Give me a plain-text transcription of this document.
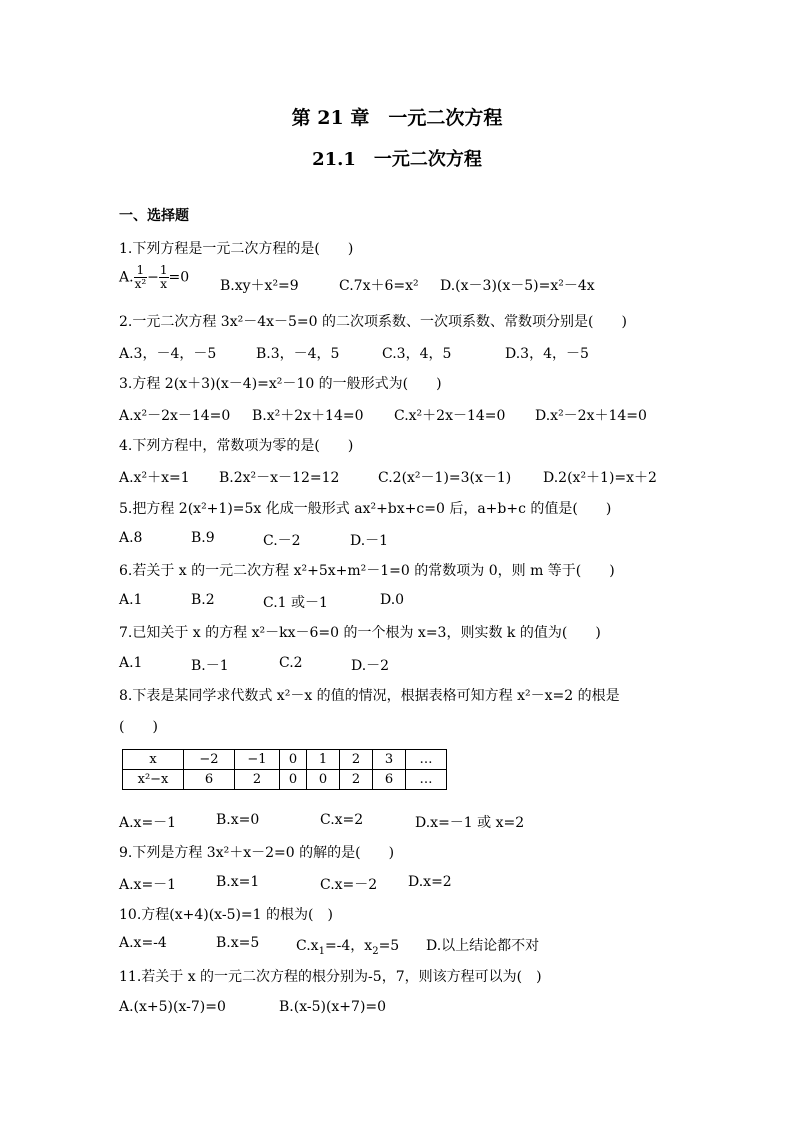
第 21 章　一元二次方程
21.1　一元二次方程
一、选择题
1.下列方程是一元二次方程的是(　　)
A. $\frac{1}{\text{x²}} - \frac{1}{x} =0$
B.xy＋x²=9	C.7x＋6=x² D.(x－3)(x－5)=x²－4x
2.一元二次方程 3x²－4x－5=0 的二次项系数、一次项系数、常数项分别是(　　)
A.3，－4，－5	B.3，－4，5	C.3，4，5	D.3，4，－5
3.方程 2(x＋3)(x－4)=x²－10 的一般形式为(　　)
A.x²－2x－14=0 B.x²＋2x＋14=0 C.x²＋2x－14=0 D.x²－2x＋14=0
4.下列方程中，常数项为零的是(　　)
A.x²＋x=1 B.2x²－x－12=12	C.2(x²－1)=3(x－1) D.2(x²＋1)=x＋2
5.把方程 2(x²+1)=5x 化成一般形式 ax²+bx+c=0 后，a+b+c 的值是(　　)
A.8	B.9	C.－2	D.－1
6.若关于 x 的一元二次方程 x²+5x+m²－1=0 的常数项为 0，则 m 等于(　　)
A.1	B.2	C.1 或－1	D.0
7.已知关于 x 的方程 x²－kx－6=0 的一个根为 x=3，则实数 k 的值为(　　)
A.1	B.－1	C.2	D.－2
8.下表是某同学求代数式 x²－x 的值的情况，根据表格可知方程 x²－x=2 的根是
(　　)
x	−2	−1	0	1	2	3	…
x²−x	6	2	0	0	2	6	…
A.x=－1	B.x=0	C.x=2	D.x=－1 或 x=2
9.下列是方程 3x²＋x－2=0 的解的是(　　)
A.x=－1	B.x=1	C.x=－2 D.x=2
10.方程(x+4)(x-5)=1 的根为(　)
A.x=-4	B.x=5	$C.x_1=-4$，$x_2=5$ D.以上结论都不对
11.若关于 x 的一元二次方程的根分别为-5，7，则该方程可以为(　)
A.(x+5)(x-7)=0	B.(x-5)(x+7)=0
